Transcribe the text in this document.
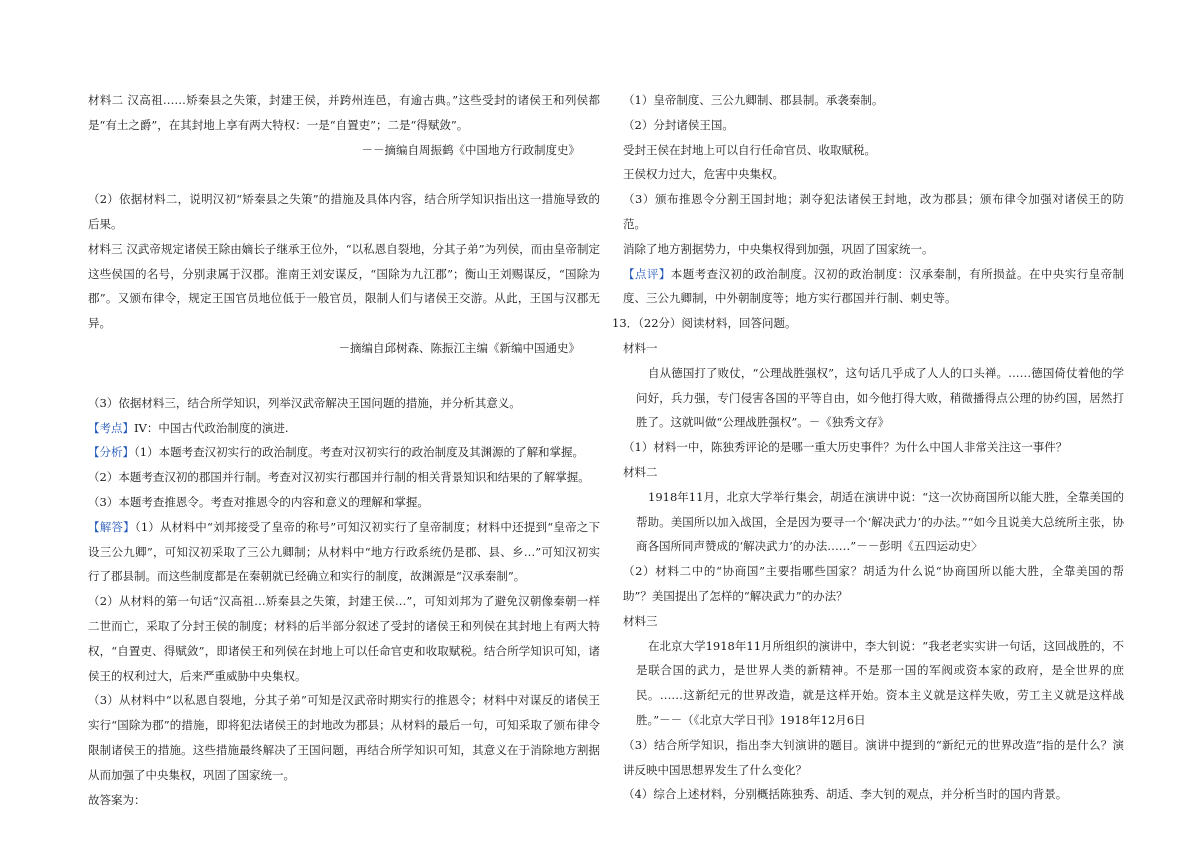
材料二 汉高祖……矫秦县之失策，封建王侯，并跨州连邑，有逾古典。”这些受封的诸侯王和列侯都是“有土之爵”，在其封地上享有两大特权：一是“自置吏”；二是“得赋敛”。

－－摘编自周振鹤《中国地方行政制度史》

（2）依据材料二，说明汉初“矫秦县之失策”的措施及具体内容，结合所学知识指出这一措施导致的后果。

材料三 汉武帝规定诸侯王除由嫡长子继承王位外，“以私恩自裂地，分其子弟”为列侯，而由皇帝制定这些侯国的名号，分别隶属于汉郡。淮南王刘安谋反，“国除为九江郡”；衡山王刘赐谋反，“国除为郡”。又颁布律令，规定王国官员地位低于一般官员，限制人们与诸侯王交游。从此，王国与汉郡无异。

－摘编自邱树森、陈振江主编《新编中国通史》

（3）依据材料三，结合所学知识，列举汉武帝解决王国问题的措施，并分析其意义。

【考点】IV：中国古代政治制度的演进.

【分析】（1）本题考查汉初实行的政治制度。考查对汉初实行的政治制度及其渊源的了解和掌握。

（2）本题考查汉初的郡国并行制。考查对汉初实行郡国并行制的相关背景知识和结果的了解掌握。

（3）本题考查推恩令。考查对推恩令的内容和意义的理解和掌握。

【解答】（1）从材料中“刘邦接受了皇帝的称号”可知汉初实行了皇帝制度；材料中还提到“皇帝之下设三公九卿”，可知汉初采取了三公九卿制；从材料中“地方行政系统仍是郡、县、乡…”可知汉初实行了郡县制。而这些制度都是在秦朝就已经确立和实行的制度，故渊源是“汉承秦制”。

（2）从材料的第一句话“汉高祖…矫秦县之失策，封建王侯…”，可知刘邦为了避免汉朝像秦朝一样二世而亡，采取了分封王侯的制度；材料的后半部分叙述了受封的诸侯王和列侯在其封地上有两大特权，“自置吏、得赋敛”，即诸侯王和列侯在封地上可以任命官吏和收取赋税。结合所学知识可知，诸侯王的权利过大，后来严重威胁中央集权。

（3）从材料中“以私恩自裂地，分其子弟”可知是汉武帝时期实行的推恩令；材料中对谋反的诸侯王实行“国除为郡”的措施，即将犯法诸侯王的封地改为郡县；从材料的最后一句，可知采取了颁布律令限制诸侯王的措施。这些措施最终解决了王国问题，再结合所学知识可知，其意义在于消除地方割据从而加强了中央集权，巩固了国家统一。

故答案为：

（1）皇帝制度、三公九卿制、郡县制。承袭秦制。

（2）分封诸侯王国。

受封王侯在封地上可以自行任命官员、收取赋税。

王侯权力过大，危害中央集权。

（3）颁布推恩令分割王国封地；剥夺犯法诸侯王封地，改为郡县；颁布律令加强对诸侯王的防范。

消除了地方割据势力，中央集权得到加强，巩固了国家统一。

【点评】本题考查汉初的政治制度。汉初的政治制度：汉承秦制，有所损益。在中央实行皇帝制度、三公九卿制，中外朝制度等；地方实行郡国并行制、刺史等。

13．（22分）阅读材料，回答问题。

材料一

自从德国打了败仗，“公理战胜强权”，这句话几乎成了人人的口头禅。……德国倚仗着他的学问好，兵力强，专门侵害各国的平等自由，如今他打得大败，稍微播得点公理的协约国，居然打胜了。这就叫做“公理战胜强权”。－《独秀文存》

（1）材料一中，陈独秀评论的是哪一重大历史事件？为什么中国人非常关注这一事件？

材料二

1918年11月，北京大学举行集会，胡适在演讲中说：“这一次协商国所以能大胜，全靠美国的帮助。美国所以加入战国，全是因为要寻一个‘解决武力’的办法。”“如今且说美大总统所主张，协商各国所同声赞成的‘解决武力’的办法……”－－彭明《五四运动史〉

（2）材料二中的“协商国”主要指哪些国家？胡适为什么说“协商国所以能大胜，全靠美国的帮助”？美国提出了怎样的“解决武力”的办法？

材料三

在北京大学1918年11月所组织的演讲中，李大钊说：“我老老实实讲一句话，这回战胜的，不是联合国的武力，是世界人类的新精神。不是那一国的军阀或资本家的政府，是全世界的庶民。……这新纪元的世界改造，就是这样开始。资本主义就是这样失败，劳工主义就是这样战胜。”－－（《北京大学日刊》1918年12月6日

（3）结合所学知识，指出李大钊演讲的题目。演讲中提到的“新纪元的世界改造”指的是什么？演讲反映中国思想界发生了什么变化？

（4）综合上述材料，分别概括陈独秀、胡适、李大钊的观点，并分析当时的国内背景。
